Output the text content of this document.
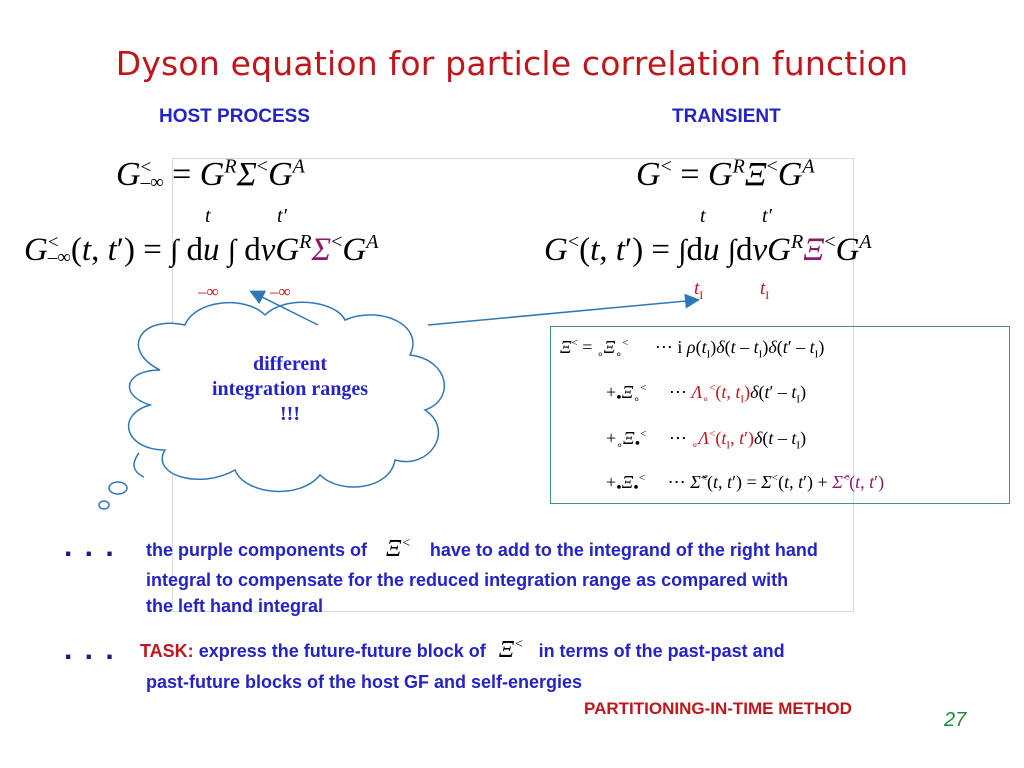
Dyson equation for particle correlation function
HOST PROCESS	TRANSIENT
G<
–∞ = $G^R\Sigma^<G^A$
t	t′
G<
–∞(t, t′) = ∫ du ∫ $dvG^R\Sigma^<G^A$
–∞	–∞
$G^< = G^R\Xi^<G^A$
t	t′
G<(t, t′) = ∫du $\int dvG^R\Xi^<G^A$
$t_I$	$t_I$
different
integration ranges
!!!
$\Xi^< = _\circ\Xi_\circ^<$ ⋯ i $\rho(t_I)\delta(t - t_I)\delta(t' - t_I)$
$+_•\Xi_\circ^<$ ⋯ $\Lambda_\circ^<(t$, $t_I)\delta(t' - t_I)$
$+_\circ\Xi_•^<$ ⋯ $_\circ\Lambda^<(t_I$, $t')\delta(t - t_I)$
$+_•\Xi_•^<$ ⋯ Σ̆<(t, t′) = Σ<(t, t′) + Σ̂<(t, t′)
. . . the purple components of Ξ< have to add to the integrand of the right hand
integral to compensate for the reduced integration range as compared with
the left hand integral
. . . TASK: express the future-future block of Ξ< in terms of the past-past and
past-future blocks of the host GF and self-energies
PARTITIONING-IN-TIME METHOD
27
